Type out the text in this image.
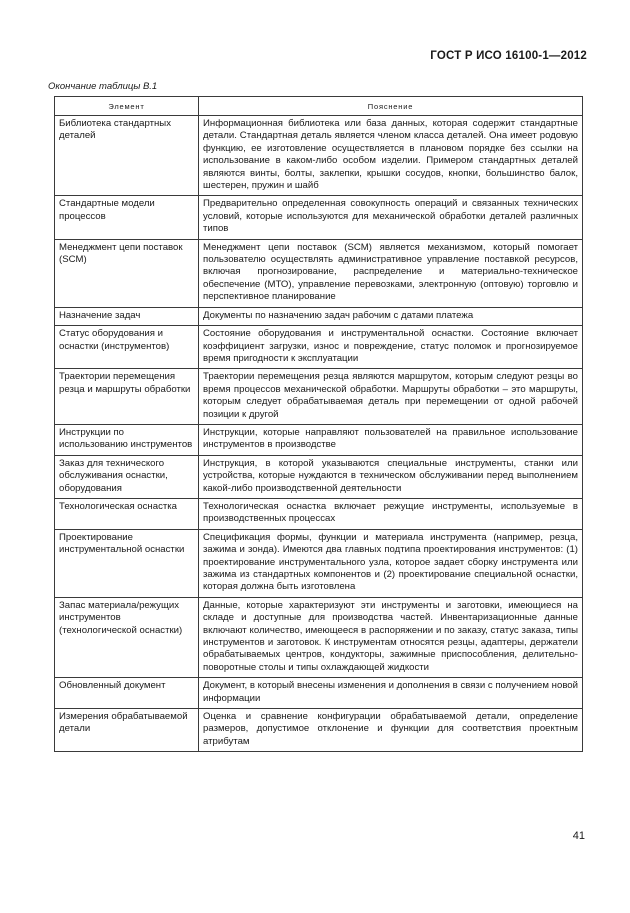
ГОСТ Р ИСО 16100-1—2012
Окончание таблицы В.1
Элемент	Пояснение
Библиотека стандартных деталей	Информационная библиотека или база данных, которая содержит стандартные детали. Стандартная деталь является членом класса деталей. Она имеет родовую функцию, ее изготовление осуществляется в плановом порядке без ссылки на использование в каком-либо особом изделии. Примером стандартных деталей являются винты, болты, заклепки, крышки сосудов, кнопки, большинство балок, шестерен, пружин и шайб
Стандартные модели процессов	Предварительно определенная совокупность операций и связанных технических условий, которые используются для механической обработки деталей различных типов
Менеджмент цепи поставок (SCM)	Менеджмент цепи поставок (SCM) является механизмом, который помогает пользователю осуществлять административное управление поставкой ресурсов, включая прогнозирование, распределение и материально-техническое обеспечение (МТО), управление перевозками, электронную (оптовую) торговлю и перспективное планирование
Назначение задач	Документы по назначению задач рабочим с датами платежа
Статус оборудования и оснастки (инструментов)	Состояние оборудования и инструментальной оснастки. Состояние включает коэффициент загрузки, износ и повреждение, статус поломок и прогнозируемое время пригодности к эксплуатации
Траектории перемещения резца и маршруты обработки	Траектории перемещения резца являются маршрутом, которым следуют резцы во время процессов механической обработки. Маршруты обработки – это маршруты, которым следует обрабатываемая деталь при перемещении от одной рабочей позиции к другой
Инструкции по использованию инструментов	Инструкции, которые направляют пользователей на правильное использование инструментов в производстве
Заказ для технического обслуживания оснастки, оборудования	Инструкция, в которой указываются специальные инструменты, станки или устройства, которые нуждаются в техническом обслуживании перед выполнением какой-либо производственной деятельности
Технологическая оснастка	Технологическая оснастка включает режущие инструменты, используемые в производственных процессах
Проектирование инструментальной оснастки	Спецификация формы, функции и материала инструмента (например, резца, зажима и зонда). Имеются два главных подтипа проектирования инструментов: (1) проектирование инструментального узла, которое задает сборку инструмента или зажима из стандартных компонентов и (2) проектирование специальной оснастки, которая должна быть изготовлена
Запас материала/режущих инструментов (технологической оснастки)	Данные, которые характеризуют эти инструменты и заготовки, имеющиеся на складе и доступные для производства частей. Инвентаризационные данные включают количество, имеющееся в распоряжении и по заказу, статус заказа, типы инструментов и заготовок. К инструментам относятся резцы, адаптеры, держатели обрабатываемых центров, кондукторы, зажимные приспособления, делительно-поворотные столы и типы охлаждающей жидкости
Обновленный документ	Документ, в который внесены изменения и дополнения в связи с получением новой информации
Измерения обрабатываемой детали	Оценка и сравнение конфигурации обрабатываемой детали, определение размеров, допустимое отклонение и функции для соответствия проектным атрибутам
41
